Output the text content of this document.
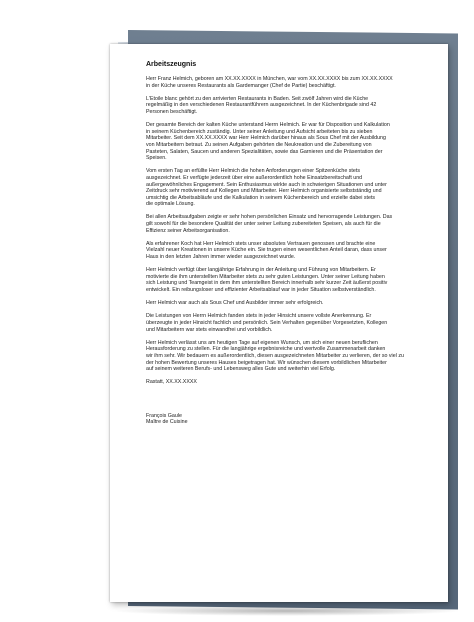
Arbeitszeugnis
Herr Franz Helmich, geboren am XX.XX.XXXX in München, war vom XX.XX.XXXX bis zum XX.XX.XXXX
in der Küche unseres Restaurants als Gardemanger (Chef de Partie) beschäftigt.
L'Etoile blanc gehört zu den arrivierten Restaurants in Baden. Seit zwölf Jahren wird die Küche
regelmäßig in den verschiedenen Restaurantführern ausgezeichnet. In der Küchenbrigade sind 42
Personen beschäftigt.
Der gesamte Bereich der kalten Küche unterstand Herrn Helmich. Er war für Disposition und Kalkulation
in seinem Küchenbereich zuständig. Unter seiner Anleitung und Aufsicht arbeiteten bis zu sieben
Mitarbeiter. Seit dem XX.XX.XXXX war Herr Helmich darüber hinaus als Sous Chef mit der Ausbildung
von Mitarbeitern betraut. Zu seinen Aufgaben gehörten die Neukreation und die Zubereitung von
Pasteten, Salaten, Saucen und anderen Spezialitäten, sowie das Garnieren und die Präsentation der
Speisen.
Vom ersten Tag an erfüllte Herr Helmich die hohen Anforderungen einer Spitzenküche stets
ausgezeichnet. Er verfügte jederzeit über eine außerordentlich hohe Einsatzbereitschaft und
außergewöhnliches Engagement. Sein Enthusiasmus wirkte auch in schwierigen Situationen und unter
Zeitdruck sehr motivierend auf Kollegen und Mitarbeiter. Herr Helmich organisierte selbstständig und
umsichtig die Arbeitsabläufe und die Kalkulation in seinem Küchenbereich und erzielte dabei stets
die optimale Lösung.
Bei allen Arbeitsaufgaben zeigte er sehr hohen persönlichen Einsatz und hervorragende Leistungen. Das
gilt sowohl für die besondere Qualität der unter seiner Leitung zubereiteten Speisen, als auch für die
Effizienz seiner Arbeitsorganisation.
Als erfahrener Koch hat Herr Helmich stets unser absolutes Vertrauen genossen und brachte eine
Vielzahl neuer Kreationen in unsere Küche ein. Sie trugen einen wesentlichen Anteil daran, dass unser
Haus in den letzten Jahren immer wieder ausgezeichnet wurde.
Herr Helmich verfügt über langjährige Erfahrung in der Anleitung und Führung von Mitarbeitern. Er
motivierte die ihm unterstellten Mitarbeiter stets zu sehr guten Leistungen. Unter seiner Leitung haben
sich Leistung und Teamgeist in dem ihm unterstellten Bereich innerhalb sehr kurzer Zeit äußerst positiv
entwickelt. Ein reibungsloser und effizienter Arbeitsablauf war in jeder Situation selbstverständlich.
Herr Helmich war auch als Sous Chef und Ausbilder immer sehr erfolgreich.
Die Leistungen von Herrn Helmich fanden stets in jeder Hinsicht unsere vollste Anerkennung. Er
überzeugte in jeder Hinsicht fachlich und persönlich. Sein Verhalten gegenüber Vorgesetzten, Kollegen
und Mitarbeitern war stets einwandfrei und vorbildlich.
Herr Helmich verlässt uns am heutigen Tage auf eigenen Wunsch, um sich einer neuen beruflichen
Herausforderung zu stellen. Für die langjährige ergebnisreiche und wertvolle Zusammenarbeit danken
wir ihm sehr. Wir bedauern es außerordentlich, diesen ausgezeichneten Mitarbeiter zu verlieren, der so viel zu
der hohen Bewertung unseres Hauses beigetragen hat. Wir wünschen diesem vorbildlichen Mitarbeiter
auf seinem weiteren Berufs- und Lebensweg alles Gute und weiterhin viel Erfolg.
Rastatt, XX.XX.XXXX
François Gaule
Maître de Cuisine
